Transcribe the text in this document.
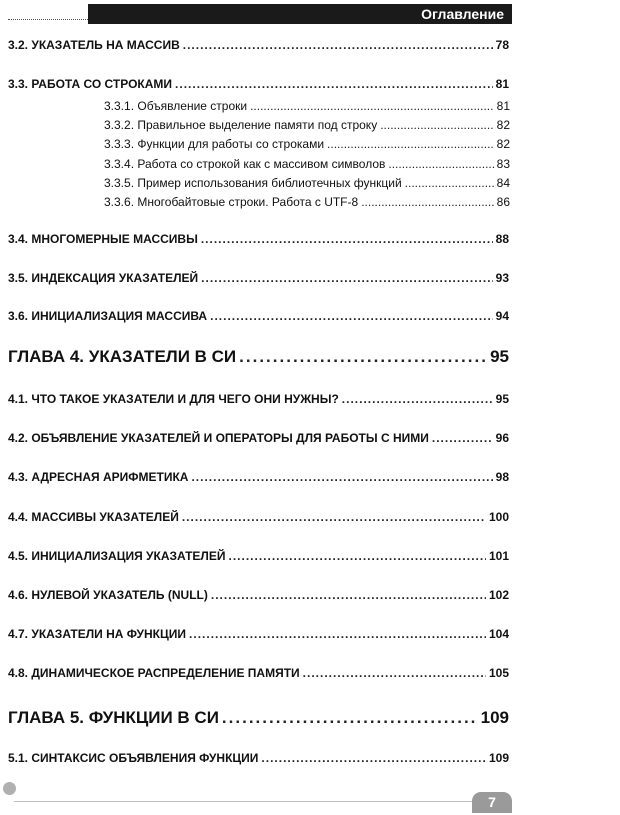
Оглавление
3.2. УКАЗАТЕЛЬ НА МАССИВ .....	78
3.3. РАБОТА СО СТРОКАМИ .....	81
3.3.1. Объявление строки .....	81
3.3.2. Правильное выделение памяти под строку .....	82
3.3.3. Функции для работы со строками .....	82
3.3.4. Работа со строкой как с массивом символов .....	83
3.3.5. Пример использования библиотечных функций .....	84
3.3.6. Многобайтовые строки. Работа с UTF-8 .....	86
3.4. МНОГОМЕРНЫЕ МАССИВЫ .....	88
3.5. ИНДЕКСАЦИЯ УКАЗАТЕЛЕЙ .....	93
3.6. ИНИЦИАЛИЗАЦИЯ МАССИВА .....	94
ГЛАВА 4. УКАЗАТЕЛИ В СИ .....	95
4.1. ЧТО ТАКОЕ УКАЗАТЕЛИ И ДЛЯ ЧЕГО ОНИ НУЖНЫ? .....	95
4.2. ОБЪЯВЛЕНИЕ УКАЗАТЕЛЕЙ И ОПЕРАТОРЫ ДЛЯ РАБОТЫ С НИМИ .....	96
4.3. АДРЕСНАЯ АРИФМЕТИКА .....	98
4.4. МАССИВЫ УКАЗАТЕЛЕЙ .....	100
4.5. ИНИЦИАЛИЗАЦИЯ УКАЗАТЕЛЕЙ .....	101
4.6. НУЛЕВОЙ УКАЗАТЕЛЬ (NULL) .....	102
4.7. УКАЗАТЕЛИ НА ФУНКЦИИ .....	104
4.8. ДИНАМИЧЕСКОЕ РАСПРЕДЕЛЕНИЕ ПАМЯТИ .....	105
ГЛАВА 5. ФУНКЦИИ В СИ .....	109
5.1. СИНТАКСИС ОБЪЯВЛЕНИЯ ФУНКЦИИ .....	109
7
